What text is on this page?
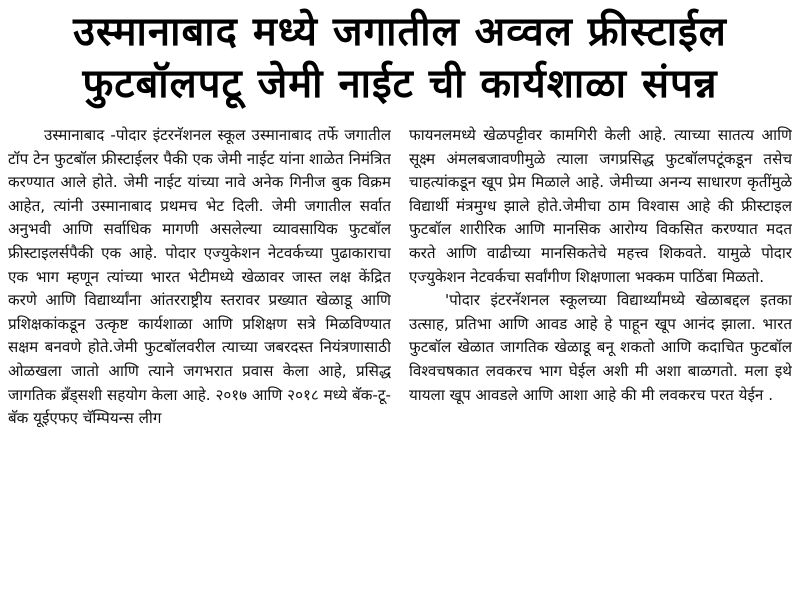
उस्मानाबाद मध्ये जगातील अव्वल फ्रीस्टाईल
फुटबॉलपटू जेमी नाईट ची कार्यशाळा संपन्न

उस्मानाबाद -पोदार इंटरनॅशनल स्कूल उस्मानाबाद तर्फे जगातील टॉप टेन फुटबॉल फ्रीस्टाईलर पैकी एक जेमी नाईट यांना शाळेत निमंत्रित करण्यात आले होते. जेमी नाईट यांच्या नावे अनेक गिनीज बुक विक्रम आहेत, त्यांनी उस्मानाबाद प्रथमच भेट दिली. जेमी जगातील सर्वात अनुभवी आणि सर्वाधिक मागणी असलेल्या व्यावसायिक फुटबॉल फ्रीस्टाइलर्सपैकी एक आहे. पोदार एज्युकेशन नेटवर्कच्या पुढाकाराचा एक भाग म्हणून त्यांच्या भारत भेटीमध्ये खेळावर जास्त लक्ष केंद्रित करणे आणि विद्यार्थ्यांना आंतरराष्ट्रीय स्तरावर प्रख्यात खेळाडू आणि प्रशिक्षकांकडून उत्कृष्ट कार्यशाळा आणि प्रशिक्षण सत्रे मिळविण्यात सक्षम बनवणे होते.जेमी फुटबॉलवरील त्याच्या जबरदस्त नियंत्रणासाठी ओळखला जातो आणि त्याने जगभरात प्रवास केला आहे, प्रसिद्ध जागतिक ब्रँड्सशी सहयोग केला आहे. २०१७ आणि २०१८ मध्ये बॅक-टू-बॅक यूईएफए चॅम्पियन्स लीग

फायनलमध्ये खेळपट्टीवर कामगिरी केली आहे. त्याच्या सातत्य आणि सूक्ष्म अंमलबजावणीमुळे त्याला जगप्रसिद्ध फुटबॉलपटूंकडून तसेच चाहत्यांकडून खूप प्रेम मिळाले आहे. जेमीच्या अनन्य साधारण कृतींमुळे विद्यार्थी मंत्रमुग्ध झाले होते.जेमीचा ठाम विश्वास आहे की फ्रीस्टाइल फुटबॉल शारीरिक आणि मानसिक आरोग्य विकसित करण्यात मदत करते आणि वाढीच्या मानसिकतेचे महत्त्व शिकवते. यामुळे पोदार एज्युकेशन नेटवर्कचा सर्वांगीण शिक्षणाला भक्कम पाठिंबा मिळतो.

'पोदार इंटरनॅशनल स्कूलच्या विद्यार्थ्यांमध्ये खेळाबद्दल इतका उत्साह, प्रतिभा आणि आवड आहे हे पाहून खूप आनंद झाला. भारत फुटबॉल खेळात जागतिक खेळाडू बनू शकतो आणि कदाचित फुटबॉल विश्वचषकात लवकरच भाग घेईल अशी मी अशा बाळगतो. मला इथे यायला खूप आवडले आणि आशा आहे की मी लवकरच परत येईन .
